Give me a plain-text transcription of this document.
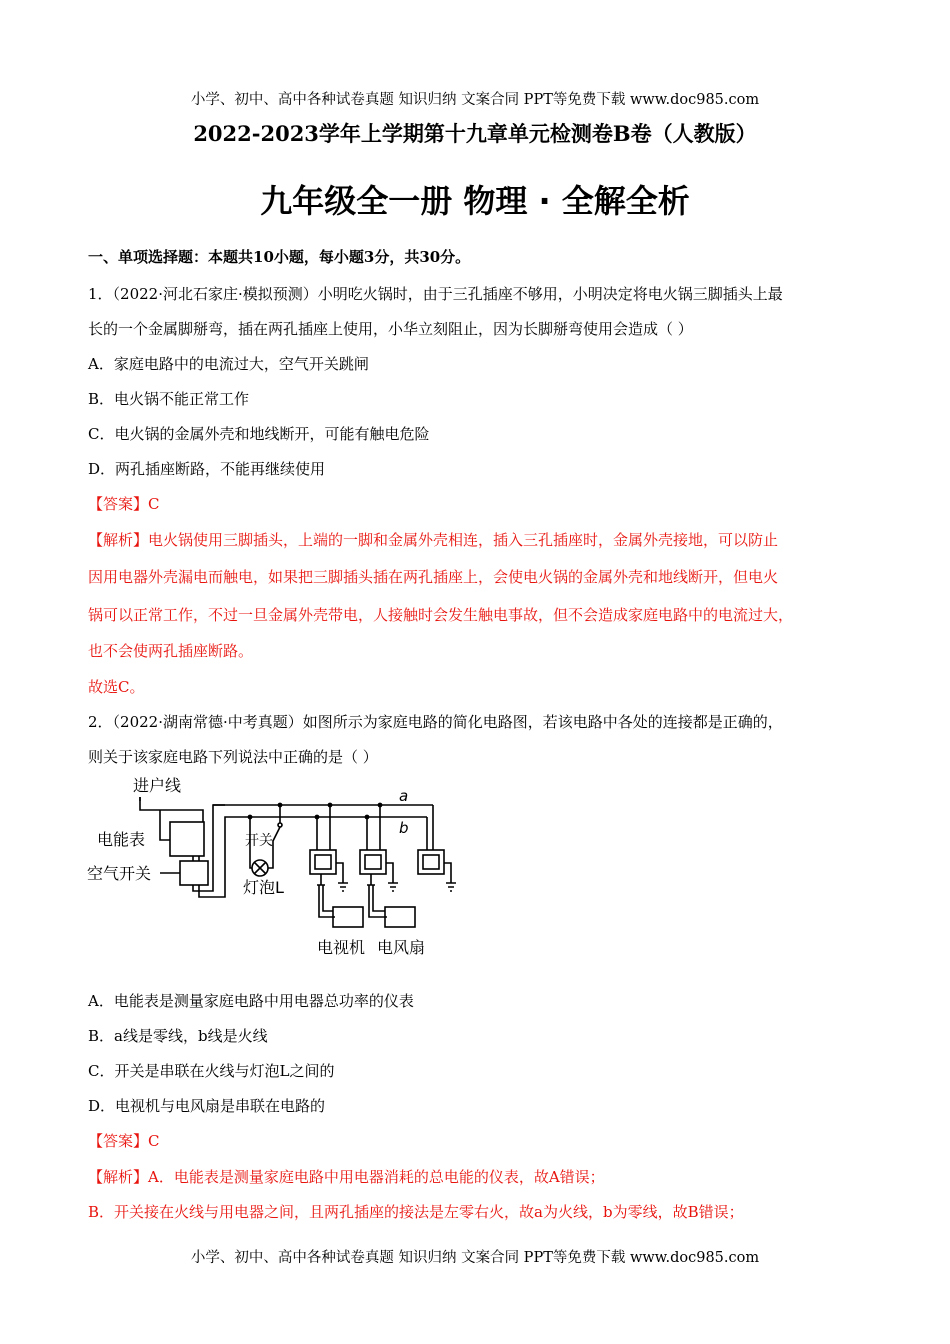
小学、初中、高中各种试卷真题 知识归纳 文案合同 PPT等免费下载 www.doc985.com
2022-2023学年上学期第十九章单元检测卷B卷（人教版）
九年级全一册 物理 · 全解全析
一、单项选择题：本题共10小题，每小题3分，共30分。
1．（2022·河北石家庄·模拟预测）小明吃火锅时，由于三孔插座不够用，小明决定将电火锅三脚插头上最
长的一个金属脚掰弯，插在两孔插座上使用，小华立刻阻止，因为长脚掰弯使用会造成（ ）
A．家庭电路中的电流过大，空气开关跳闸
B．电火锅不能正常工作
C．电火锅的金属外壳和地线断开，可能有触电危险
D．两孔插座断路，不能再继续使用
【答案】C
【解析】电火锅使用三脚插头，上端的一脚和金属外壳相连，插入三孔插座时，金属外壳接地，可以防止
因用电器外壳漏电而触电，如果把三脚插头插在两孔插座上，会使电火锅的金属外壳和地线断开，但电火
锅可以正常工作，不过一旦金属外壳带电，人接触时会发生触电事故，但不会造成家庭电路中的电流过大，
也不会使两孔插座断路。
故选C。
2．（2022·湖南常德·中考真题）如图所示为家庭电路的简化电路图，若该电路中各处的连接都是正确的，
则关于该家庭电路下列说法中正确的是（ ）
进户线
电能表
空气开关
a
b
开关
灯泡L
电视机 电风扇
A．电能表是测量家庭电路中用电器总功率的仪表
B．a线是零线，b线是火线
C．开关是串联在火线与灯泡L之间的
D．电视机与电风扇是串联在电路的
【答案】C
【解析】A．电能表是测量家庭电路中用电器消耗的总电能的仪表，故A错误；
B．开关接在火线与用电器之间，且两孔插座的接法是左零右火，故a为火线，b为零线，故B错误；
小学、初中、高中各种试卷真题 知识归纳 文案合同 PPT等免费下载 www.doc985.com
